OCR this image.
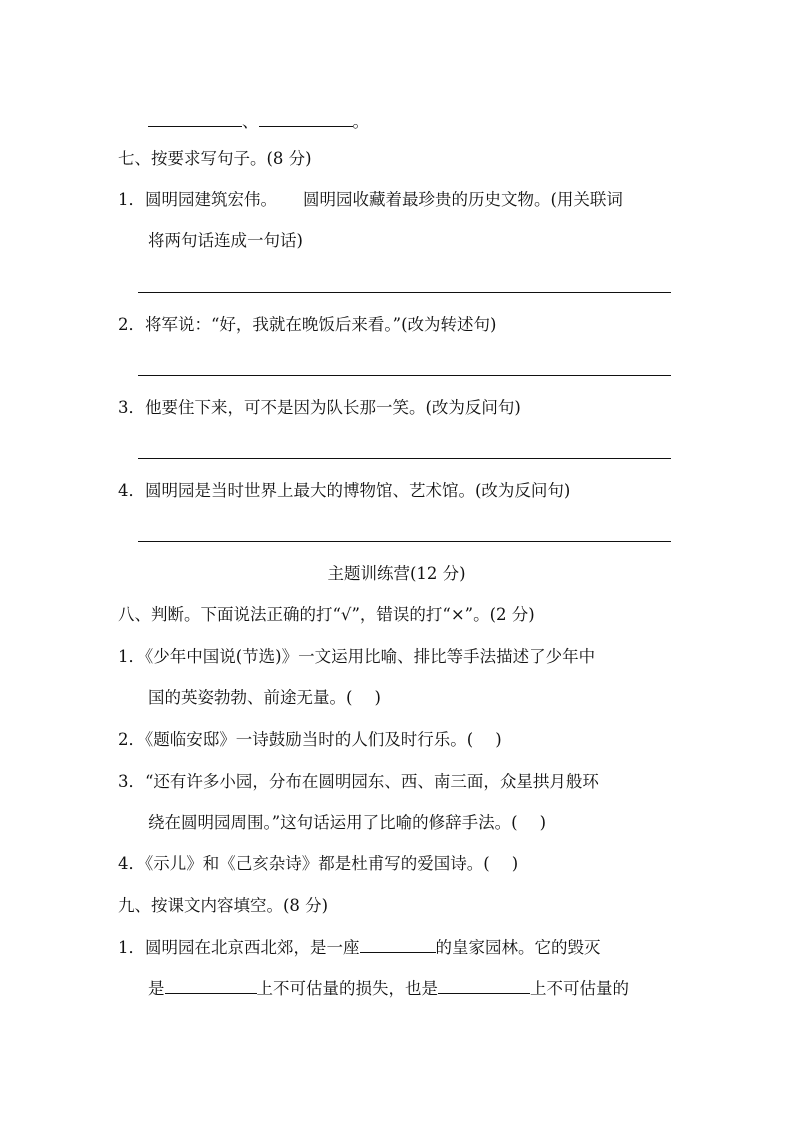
、	。
七、按要求写句子。(8 分)
1．圆明园建筑宏伟。 圆明园收藏着最珍贵的历史文物。(用关联词
将两句话连成一句话)
2．将军说：“好，我就在晚饭后来看。”(改为转述句)
3．他要住下来，可不是因为队长那一笑。(改为反问句)
4．圆明园是当时世界上最大的博物馆、艺术馆。(改为反问句)
主题训练营(12 分)
八、判断。下面说法正确的打“√”，错误的打“×”。(2 分)
1．《少年中国说(节选)》一文运用比喻、排比等手法描述了少年中
国的英姿勃勃、前途无量。( )
2．《题临安邸》一诗鼓励当时的人们及时行乐。( )
3．“还有许多小园，分布在圆明园东、西、南三面，众星拱月般环
绕在圆明园周围。”这句话运用了比喻的修辞手法。( )
4．《示儿》和《己亥杂诗》都是杜甫写的爱国诗。( )
九、按课文内容填空。(8 分)
1．圆明园在北京西北郊，是一座	的皇家园林。它的毁灭
是	上不可估量的损失，也是	上不可估量的
